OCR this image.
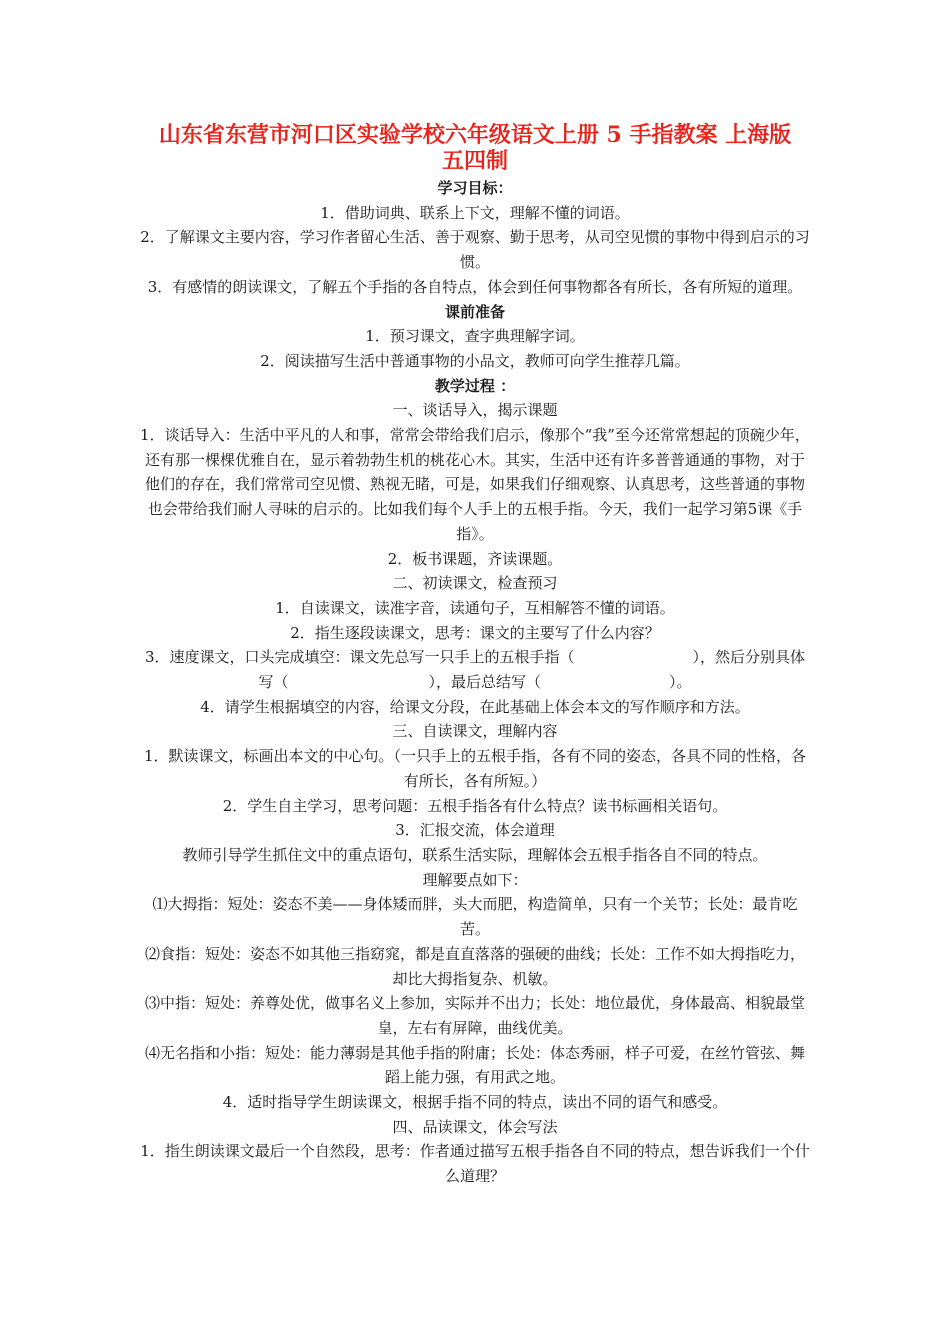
山东省东营市河口区实验学校六年级语文上册 5 手指教案 上海版
五四制

学习目标：

1．借助词典、联系上下文，理解不懂的词语。

2．了解课文主要内容，学习作者留心生活、善于观察、勤于思考，从司空见惯的事物中得到启示的习惯。

3．有感情的朗读课文，了解五个手指的各自特点，体会到任何事物都各有所长，各有所短的道理。

课前准备

1．预习课文，查字典理解字词。

2．阅读描写生活中普通事物的小品文，教师可向学生推荐几篇。

教学过程 ：

一、谈话导入，揭示课题

1．谈话导入：生活中平凡的人和事，常常会带给我们启示，像那个“我”至今还常常想起的顶碗少年，还有那一棵棵优雅自在，显示着勃勃生机的桃花心木。其实，生活中还有许多普普通通的事物，对于他们的存在，我们常常司空见惯、熟视无睹，可是，如果我们仔细观察、认真思考，这些普通的事物也会带给我们耐人寻味的启示的。比如我们每个人手上的五根手指。今天，我们一起学习第5课《手指》。

2．板书课题，齐读课题。

二、初读课文，检查预习

1．自读课文，读准字音，读通句子，互相解答不懂的词语。

2．指生逐段读课文，思考：课文的主要写了什么内容？

3．速度课文，口头完成填空：课文先总写一只手上的五根手指（	），然后分别具体写（	），最后总结写（	）。

4．请学生根据填空的内容，给课文分段，在此基础上体会本文的写作顺序和方法。

三、自读课文，理解内容

1．默读课文，标画出本文的中心句。（一只手上的五根手指，各有不同的姿态，各具不同的性格，各有所长，各有所短。）

2．学生自主学习，思考问题：五根手指各有什么特点？读书标画相关语句。

3．汇报交流，体会道理

教师引导学生抓住文中的重点语句，联系生活实际，理解体会五根手指各自不同的特点。

理解要点如下：

⑴大拇指：短处：姿态不美——身体矮而胖，头大而肥，构造简单，只有一个关节；长处：最肯吃苦。

⑵食指：短处：姿态不如其他三指窈窕，都是直直落落的强硬的曲线；长处：工作不如大拇指吃力，却比大拇指复杂、机敏。

⑶中指：短处：养尊处优，做事名义上参加，实际并不出力；长处：地位最优，身体最高、相貌最堂皇，左右有屏障，曲线优美。

⑷无名指和小指：短处：能力薄弱是其他手指的附庸；长处：体态秀丽，样子可爱，在丝竹管弦、舞蹈上能力强，有用武之地。

4．适时指导学生朗读课文，根据手指不同的特点，读出不同的语气和感受。

四、品读课文，体会写法

1．指生朗读课文最后一个自然段，思考：作者通过描写五根手指各自不同的特点，想告诉我们一个什么道理？
